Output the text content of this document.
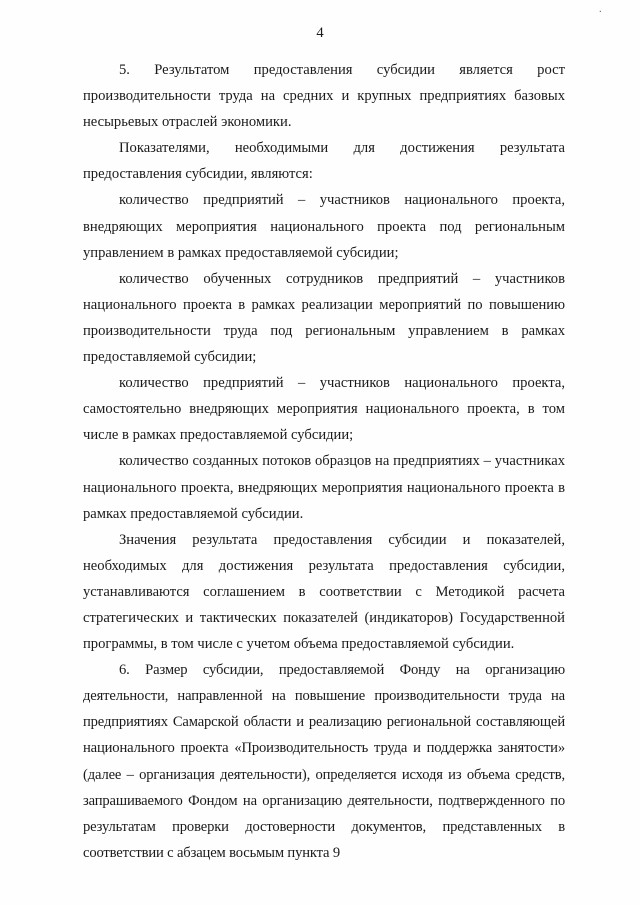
·
4

5. Результатом предоставления субсидии является рост производительности труда на средних и крупных предприятиях базовых несырьевых отраслей экономики.

Показателями, необходимыми для достижения результата предоставления субсидии, являются:

количество предприятий – участников национального проекта, внедряющих мероприятия национального проекта под региональным управлением в рамках предоставляемой субсидии;

количество обученных сотрудников предприятий – участников национального проекта в рамках реализации мероприятий по повышению производительности труда под региональным управлением в рамках предоставляемой субсидии;

количество предприятий – участников национального проекта, самостоятельно внедряющих мероприятия национального проекта, в том числе в рамках предоставляемой субсидии;

количество созданных потоков образцов на предприятиях – участниках национального проекта, внедряющих мероприятия национального проекта в рамках предоставляемой субсидии.

Значения результата предоставления субсидии и показателей, необходимых для достижения результата предоставления субсидии, устанавливаются соглашением в соответствии с Методикой расчета стратегических и тактических показателей (индикаторов) Государственной программы, в том числе с учетом объема предоставляемой субсидии.

6. Размер субсидии, предоставляемой Фонду на организацию деятельности, направленной на повышение производительности труда на предприятиях Самарской области и реализацию региональной составляющей национального проекта «Производительность труда и поддержка занятости» (далее – организация деятельности), определяется исходя из объема средств, запрашиваемого Фондом на организацию деятельности, подтвержденного по результатам проверки достоверности документов, представленных в соответствии с абзацем восьмым пункта 9
